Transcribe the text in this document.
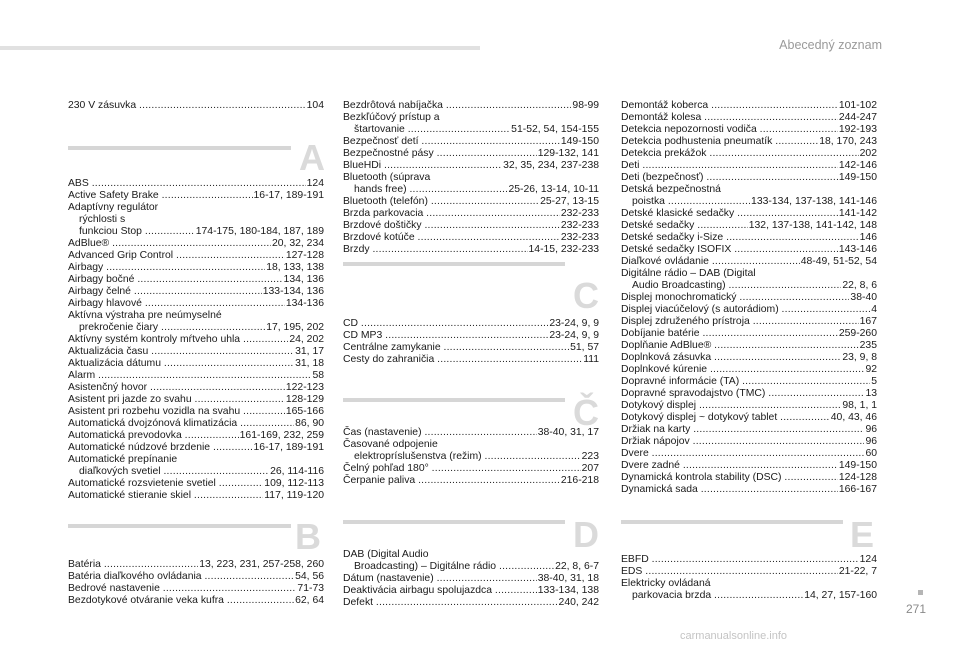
Abecedný zoznam
230 V zásuvka .....	104
A
ABS .....	124
Active Safety Brake .....	16-17, 189-191
Adaptívny regulátor
rýchlosti s
funkciou Stop .....	174-175, 180-184, 187, 189
AdBlue® .....	20, 32, 234
Advanced Grip Control .....	127-128
Airbagy .....	18, 133, 138
Airbagy bočné .....	134, 136
Airbagy čelné .....	133-134, 136
Airbagy hlavové .....	134-136
Aktívna výstraha pre neúmyselné
prekročenie čiary .....	17, 195, 202
Aktívny systém kontroly mŕtveho uhla .....	24, 202
Aktualizácia času .....	31, 17
Aktualizácia dátumu .....	31, 18
Alarm .....	58
Asistenčný hovor .....	122-123
Asistent pri jazde zo svahu .....	128-129
Asistent pri rozbehu vozidla na svahu .....	165-166
Automatická dvojzónová klimatizácia .....	86, 90
Automatická prevodovka .....	161-169, 232, 259
Automatické núdzové brzdenie .....	16-17, 189-191
Automatické prepínanie
diaľkových svetiel .....	26, 114-116
Automatické rozsvietenie svetiel .....	109, 112-113
Automatické stieranie skiel .....	117, 119-120
B
Batéria .....	13, 223, 231, 257-258, 260
Batéria diaľkového ovládania .....	54, 56
Bedrové nastavenie .....	71-73
Bezdotykové otváranie veka kufra .....	62, 64
Bezdrôtová nabíjačka .....	98-99
Bezkľúčový prístup a
štartovanie .....	51-52, 54, 154-155
Bezpečnosť detí .....	149-150
Bezpečnostné pásy .....	129-132, 141
BlueHDi .....	32, 35, 234, 237-238
Bluetooth (súprava
hands free) .....	25-26, 13-14, 10-11
Bluetooth (telefón) .....	25-27, 13-15
Brzda parkovacia .....	232-233
Brzdové doštičky .....	232-233
Brzdové kotúče .....	232-233
Brzdy .....	14-15, 232-233
C
CD .....	23-24, 9, 9
CD MP3 .....	23-24, 9, 9
Centrálne zamykanie .....	51, 57
Cesty do zahraničia .....	111
Č
Čas (nastavenie) .....	38-40, 31, 17
Časované odpojenie
elektropríslušenstva (režim) .....	223
Čelný pohľad 180° .....	207
Čerpanie paliva .....	216-218
D
DAB (Digital Audio
Broadcasting) – Digitálne rádio .....	22, 8, 6-7
Dátum (nastavenie) .....	38-40, 31, 18
Deaktivácia airbagu spolujazdca .....	133-134, 138
Defekt .....	240, 242
Demontáž koberca .....	101-102
Demontáž kolesa .....	244-247
Detekcia nepozornosti vodiča .....	192-193
Detekcia podhustenia pneumatík .....	18, 170, 243
Detekcia prekážok .....	202
Deti .....	142-146
Deti (bezpečnosť) .....	149-150
Detská bezpečnostná
poistka .....	133-134, 137-138, 141-146
Detské klasické sedačky .....	141-142
Detské sedačky .....	132, 137-138, 141-142, 148
Detské sedačky i-Size .....	146
Detské sedačky ISOFIX .....	143-146
Diaľkové ovládanie .....	48-49, 51-52, 54
Digitálne rádio – DAB (Digital
Audio Broadcasting) .....	22, 8, 6
Displej monochromatický .....	38-40
Displej viacúčelový (s autorádiom) .....	4
Displej združeného prístroja .....	167
Dobíjanie batérie .....	259-260
Doplňanie AdBlue® .....	235
Doplnková zásuvka .....	23, 9, 8
Doplnkové kúrenie .....	92
Dopravné informácie (TA) .....	5
Dopravné spravodajstvo (TMC) .....	13
Dotykový displej .....	98, 1, 1
Dotykový displej ~ dotykový tablet .....	40, 43, 46
Držiak na karty .....	96
Držiak nápojov .....	96
Dvere .....	60
Dvere zadné .....	149-150
Dynamická kontrola stability (DSC) .....	124-128
Dynamická sada .....	166-167
E
EBFD .....	124
EDS .....	21-22, 7
Elektricky ovládaná
parkovacia brzda .....	14, 27, 157-160
271
carmanualsonline.info
